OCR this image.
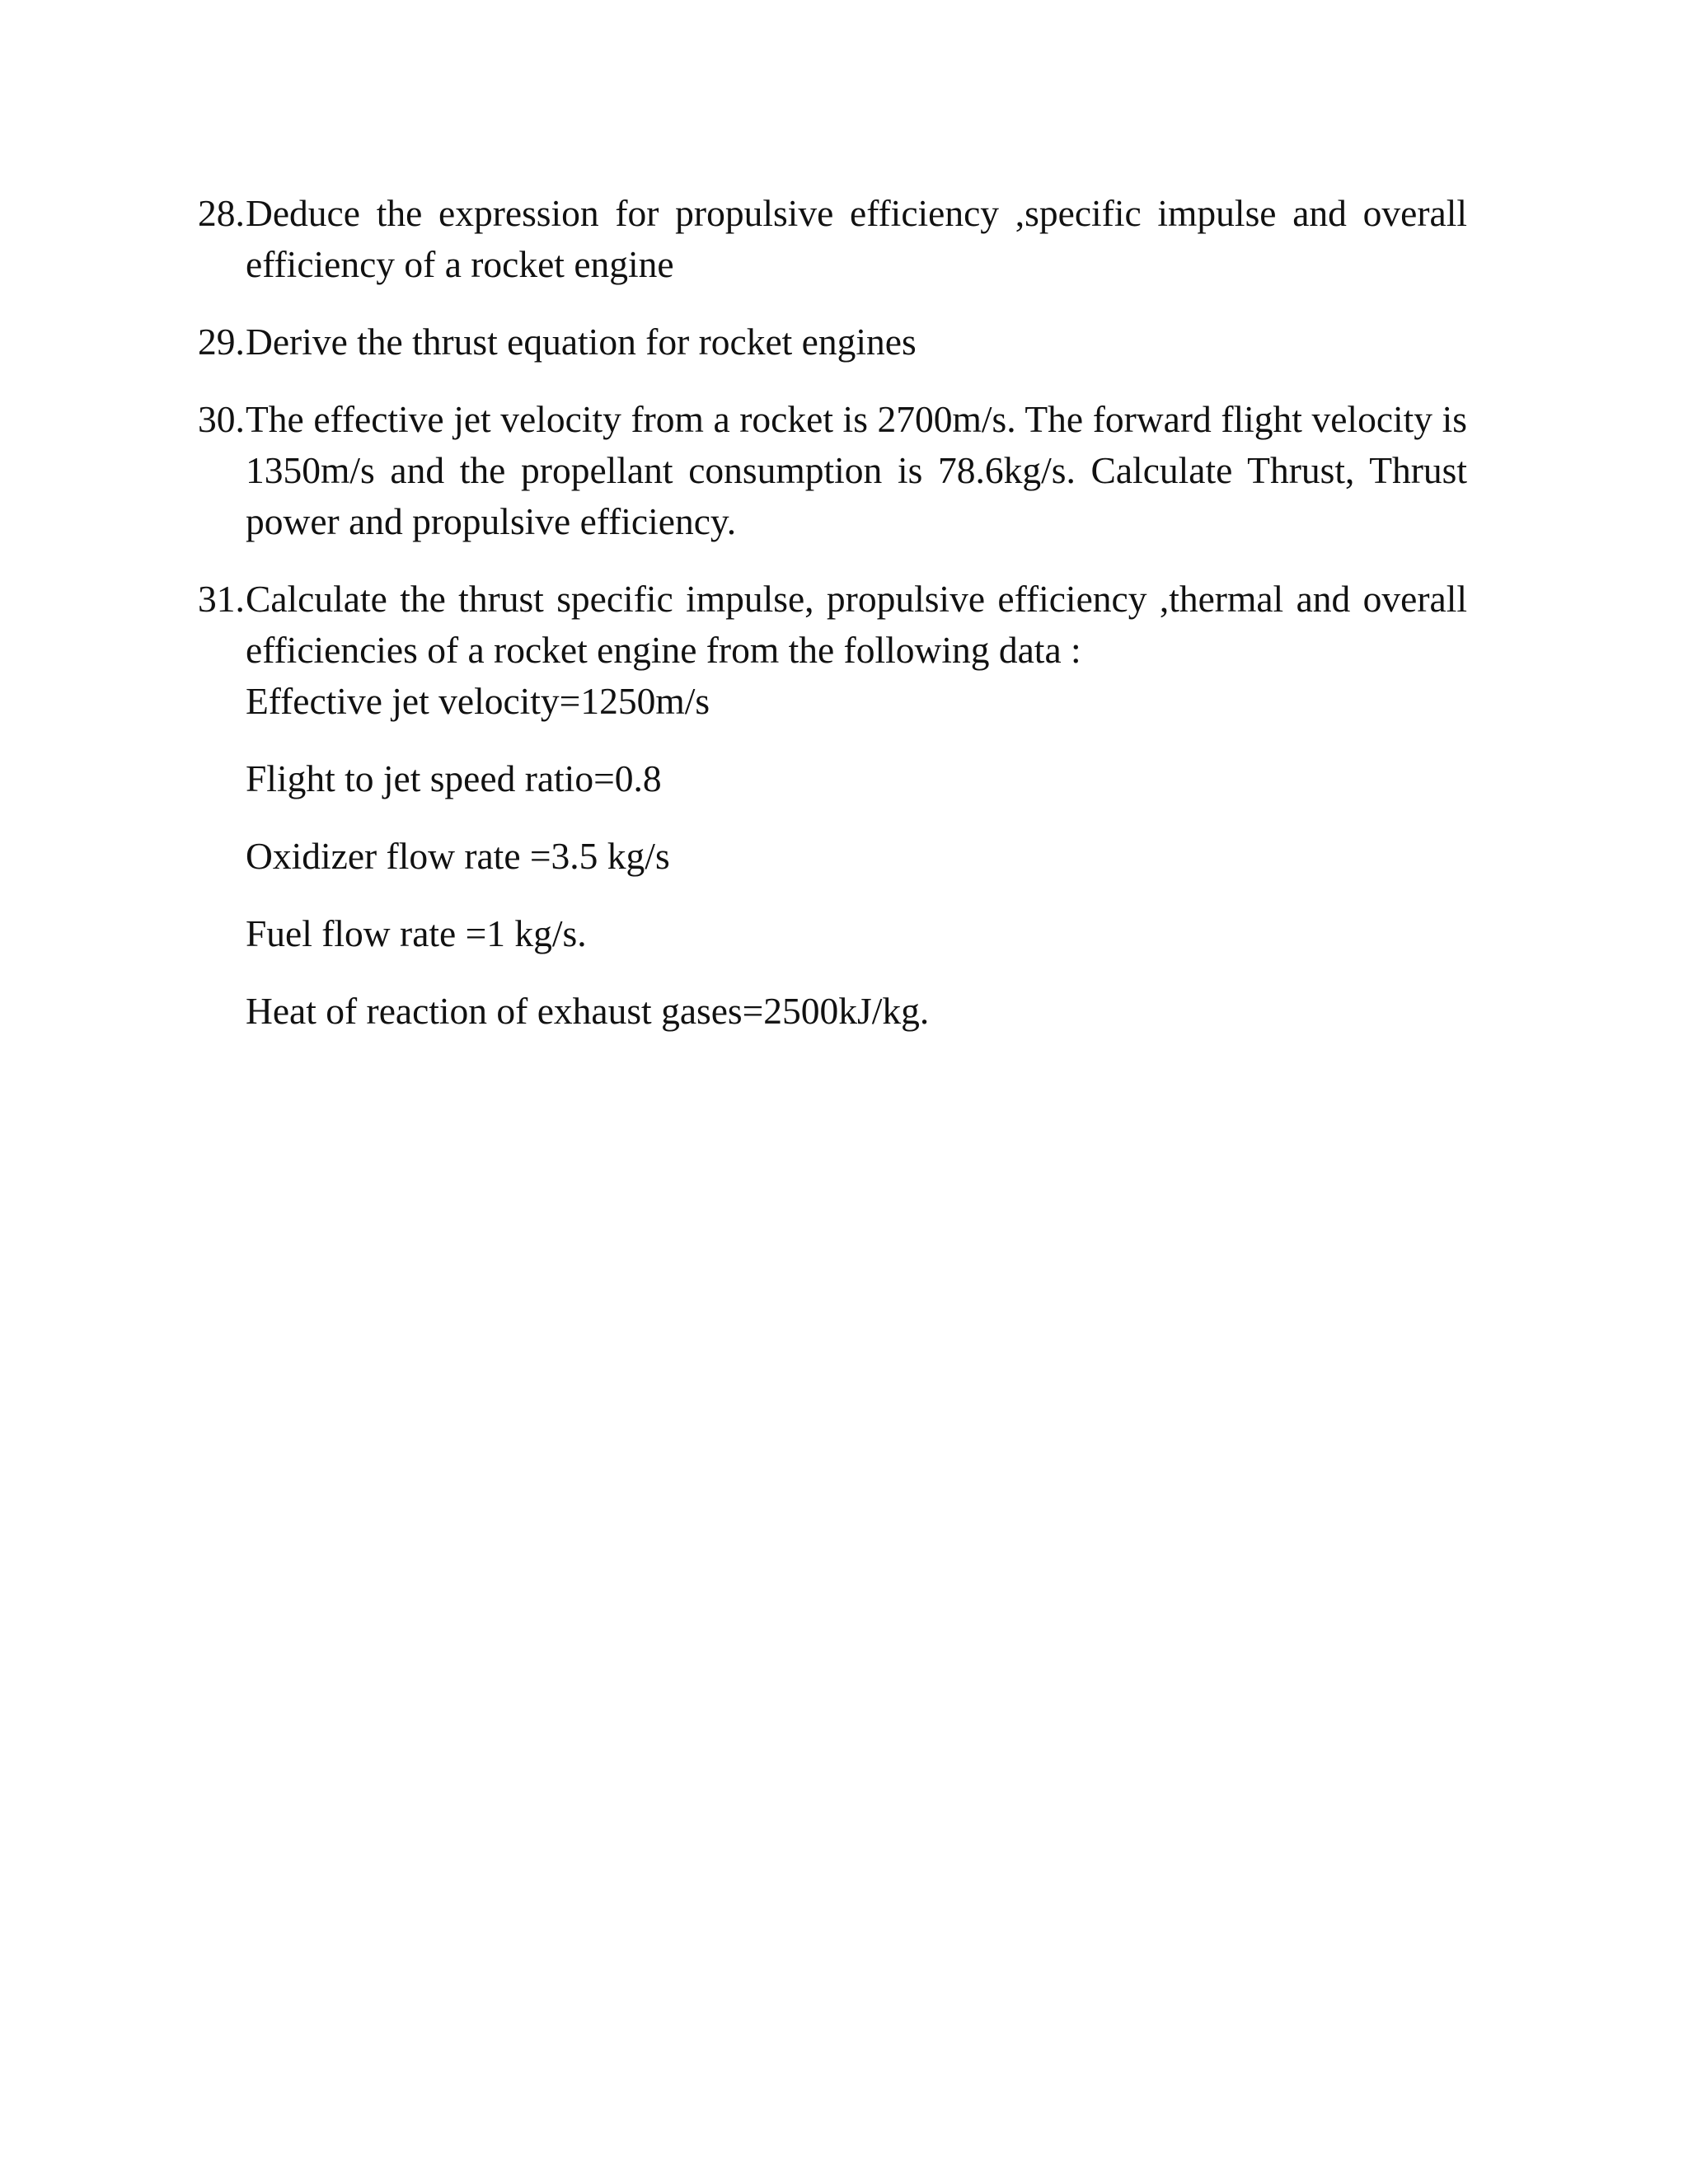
28. Deduce the expression for propulsive efficiency ,specific impulse and overall efficiency of a rocket engine
29. Derive the thrust equation for rocket engines
30. The effective jet velocity from a rocket is 2700m/s. The forward flight velocity is 1350m/s and the propellant consumption is 78.6kg/s. Calculate Thrust, Thrust power and propulsive efficiency.
31. Calculate the thrust specific impulse, propulsive efficiency ,thermal and overall efficiencies of a rocket engine from the following data :
Effective jet velocity=1250m/s
Flight to jet speed ratio=0.8
Oxidizer flow rate =3.5 kg/s
Fuel flow rate =1 kg/s.
Heat of reaction of exhaust gases=2500kJ/kg.
